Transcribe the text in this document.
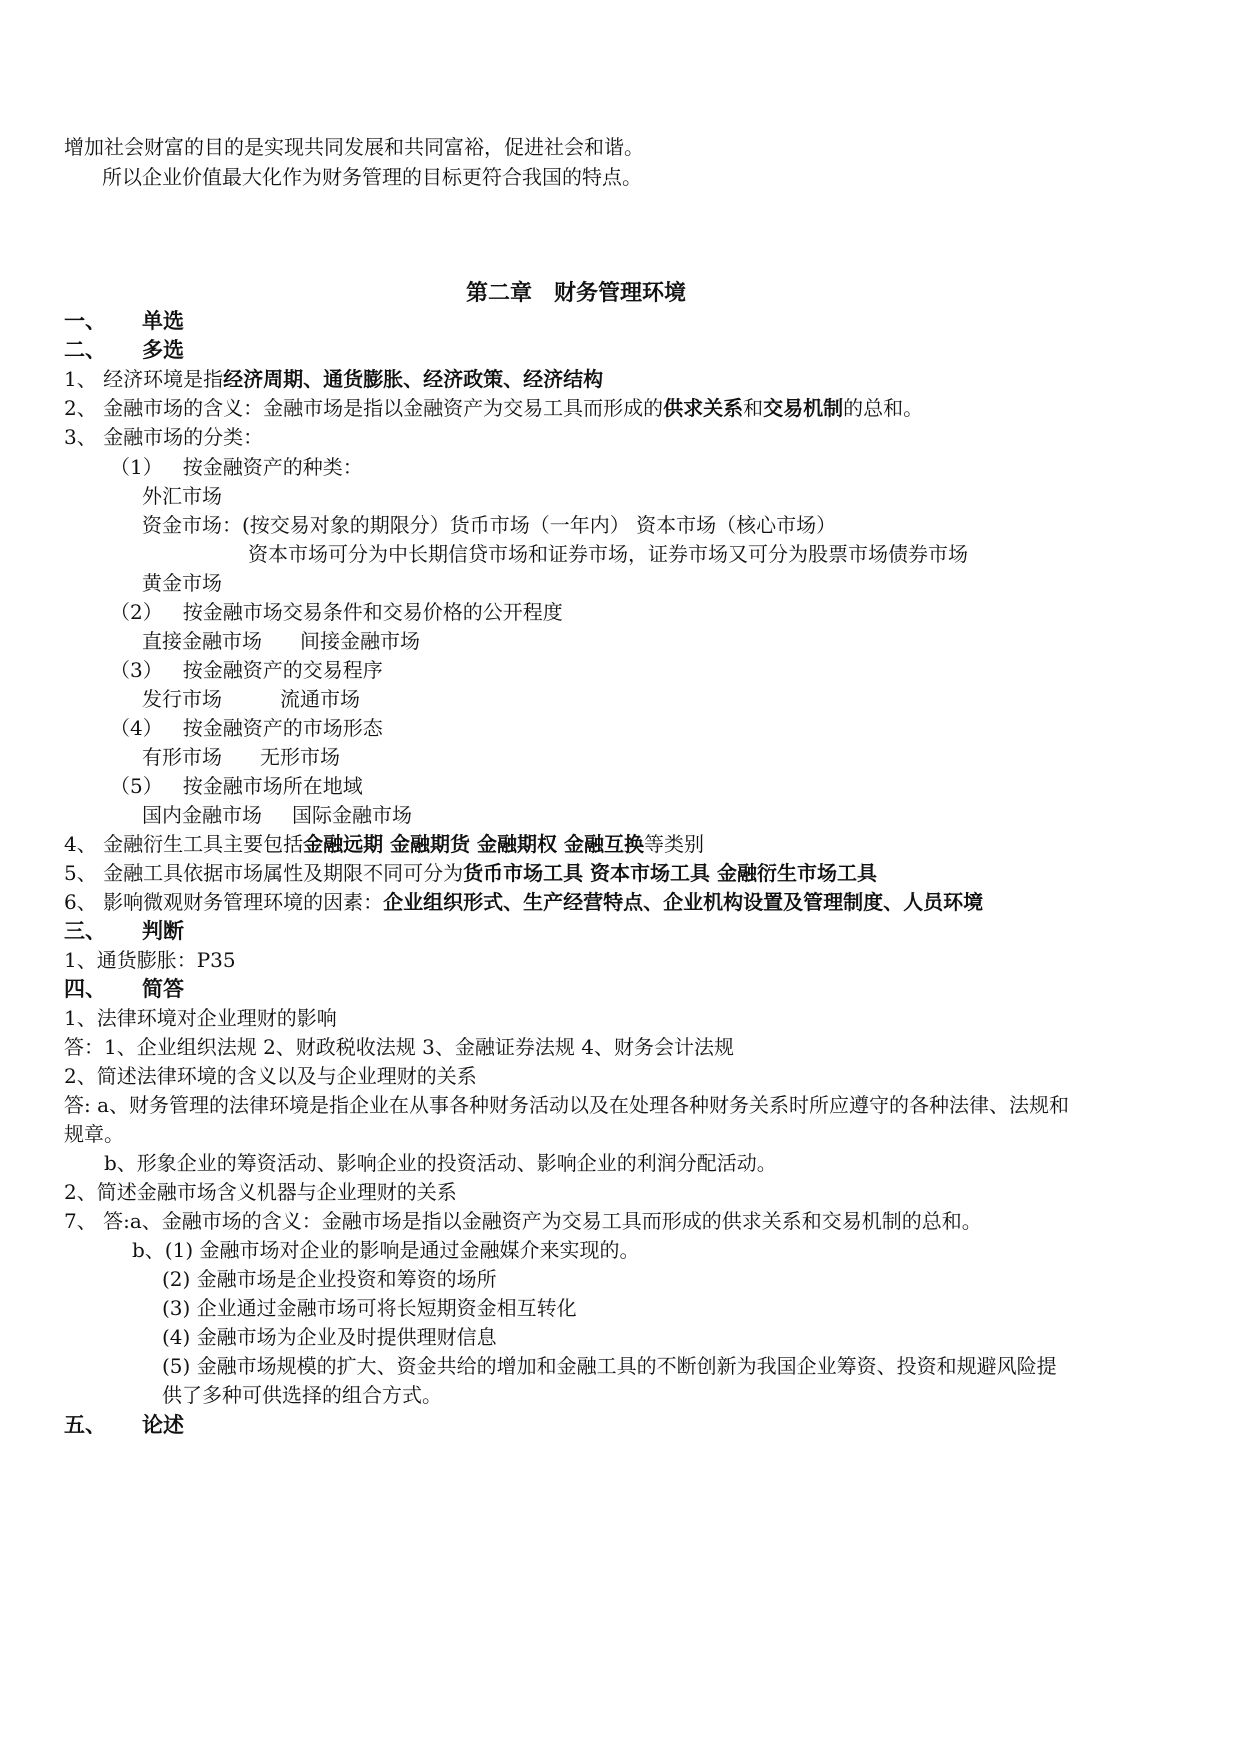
增加社会财富的目的是实现共同发展和共同富裕，促进社会和谐。
所以企业价值最大化作为财务管理的目标更符合我国的特点。
第二章　财务管理环境
一、 单选
二、 多选
1、 经济环境是指经济周期、通货膨胀、经济政策、经济结构
2、 金融市场的含义：金融市场是指以金融资产为交易工具而形成的供求关系和交易机制的总和。
3、 金融市场的分类：
（1） 按金融资产的种类：
外汇市场
资金市场：(按交易对象的期限分）货币市场（一年内） 资本市场（核心市场）
资本市场可分为中长期信贷市场和证券市场，证券市场又可分为股票市场债券市场
黄金市场
（2） 按金融市场交易条件和交易价格的公开程度
直接金融市场 间接金融市场
（3） 按金融资产的交易程序
发行市场	流通市场
（4） 按金融资产的市场形态
有形市场 无形市场
（5） 按金融市场所在地域
国内金融市场 国际金融市场
4、 金融衍生工具主要包括金融远期 金融期货 金融期权 金融互换等类别
5、 金融工具依据市场属性及期限不同可分为货币市场工具 资本市场工具 金融衍生市场工具
6、 影响微观财务管理环境的因素：企业组织形式、生产经营特点、企业机构设置及管理制度、人员环境
三、 判断
1、通货膨胀：P35
四、 简答
1、法律环境对企业理财的影响
答：1、企业组织法规 2、财政税收法规 3、金融证券法规 4、财务会计法规
2、简述法律环境的含义以及与企业理财的关系
答: a、财务管理的法律环境是指企业在从事各种财务活动以及在处理各种财务关系时所应遵守的各种法律、法规和
规章。
b、形象企业的筹资活动、影响企业的投资活动、影响企业的利润分配活动。
2、简述金融市场含义机器与企业理财的关系
7、 答:a、金融市场的含义：金融市场是指以金融资产为交易工具而形成的供求关系和交易机制的总和。
b、(1) 金融市场对企业的影响是通过金融媒介来实现的。
(2) 金融市场是企业投资和筹资的场所
(3) 企业通过金融市场可将长短期资金相互转化
(4) 金融市场为企业及时提供理财信息
(5) 金融市场规模的扩大、资金共给的增加和金融工具的不断创新为我国企业筹资、投资和规避风险提
供了多种可供选择的组合方式。
五、 论述
